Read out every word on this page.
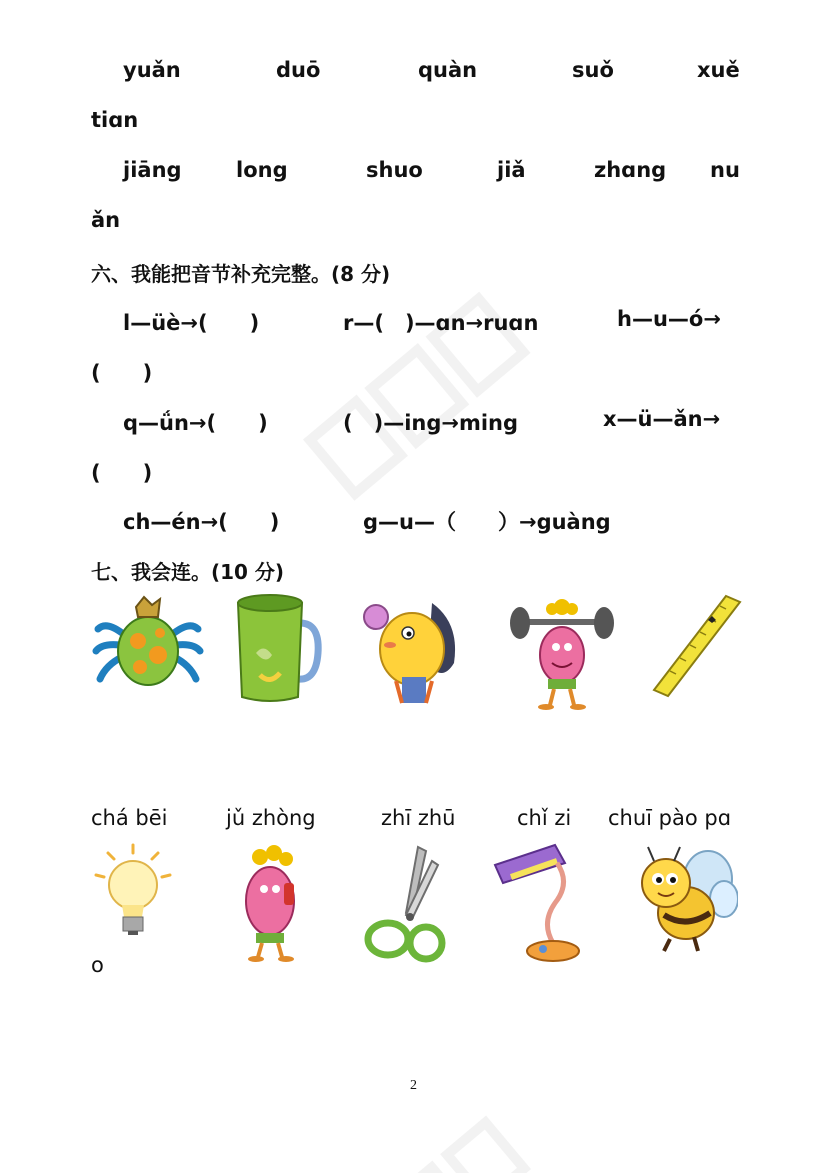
yuǎn	duō	quàn	suǒ	xuě
tiɑn
jiāng	long	shuo	jiǎ	zhɑng nu
ǎn
六、我能把音节补充完整。(8 分)
l—üè→(　　)	r—(　)—ɑn→ruɑn	h—u—ó→
(　　)
q—ǘn→(　　)	(　)—ing→ming	x—ü—ǎn→
(　　)
ch—én→(　　)	g—u—（　　）→guàng
七、我会连。(10 分)
chá bēi	jǔ zhòng	zhī zhū	chǐ zi chuī pào pɑ
o
2
